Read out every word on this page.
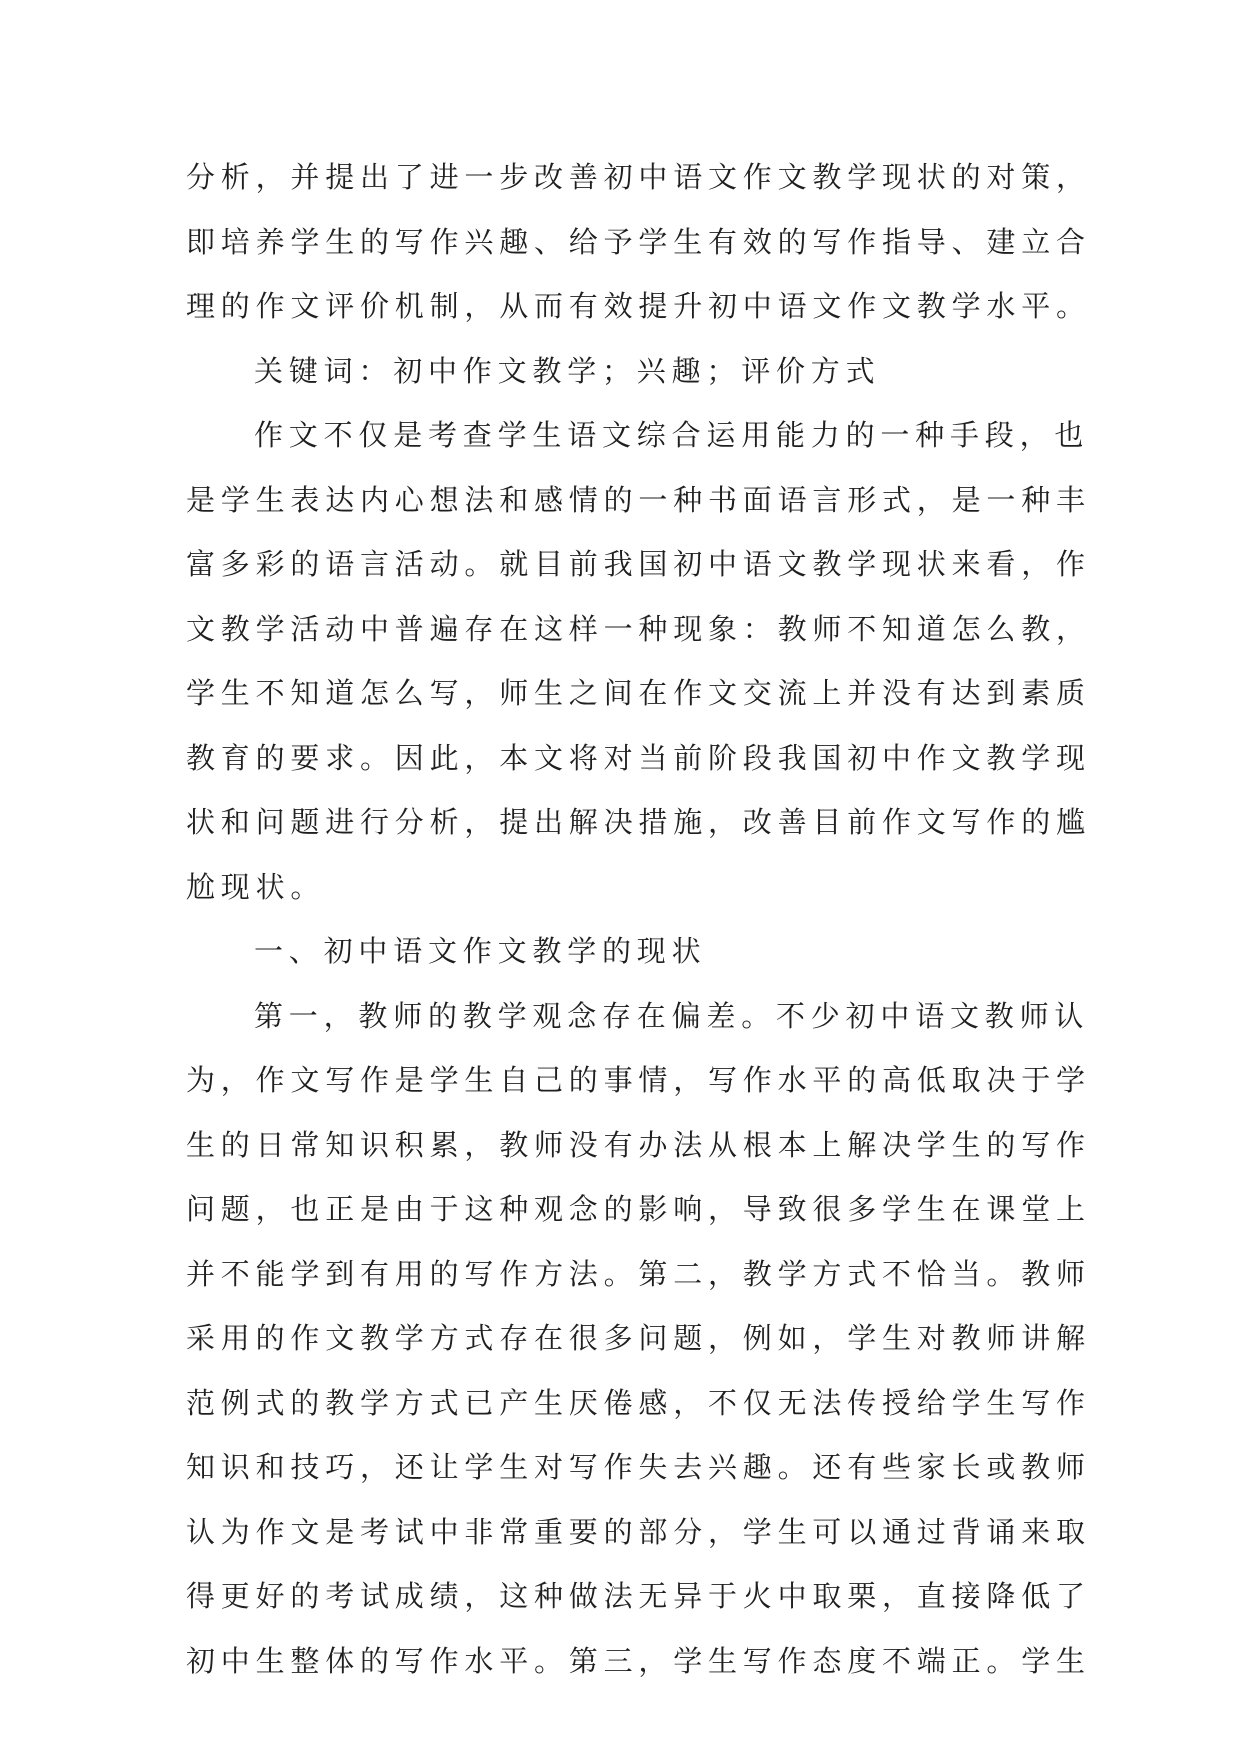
分析，并提出了进一步改善初中语文作文教学现状的对策，
即培养学生的写作兴趣、给予学生有效的写作指导、建立合
理的作文评价机制，从而有效提升初中语文作文教学水平。
关键词：初中作文教学；兴趣；评价方式
作文不仅是考查学生语文综合运用能力的一种手段，也
是学生表达内心想法和感情的一种书面语言形式，是一种丰
富多彩的语言活动。就目前我国初中语文教学现状来看，作
文教学活动中普遍存在这样一种现象：教师不知道怎么教，
学生不知道怎么写，师生之间在作文交流上并没有达到素质
教育的要求。因此，本文将对当前阶段我国初中作文教学现
状和问题进行分析，提出解决措施，改善目前作文写作的尴
尬现状。
一、初中语文作文教学的现状
第一，教师的教学观念存在偏差。不少初中语文教师认
为，作文写作是学生自己的事情，写作水平的高低取决于学
生的日常知识积累，教师没有办法从根本上解决学生的写作
问题，也正是由于这种观念的影响，导致很多学生在课堂上
并不能学到有用的写作方法。第二，教学方式不恰当。教师
采用的作文教学方式存在很多问题，例如，学生对教师讲解
范例式的教学方式已产生厌倦感，不仅无法传授给学生写作
知识和技巧，还让学生对写作失去兴趣。还有些家长或教师
认为作文是考试中非常重要的部分，学生可以通过背诵来取
得更好的考试成绩，这种做法无异于火中取栗，直接降低了
初中生整体的写作水平。第三，学生写作态度不端正。学生
